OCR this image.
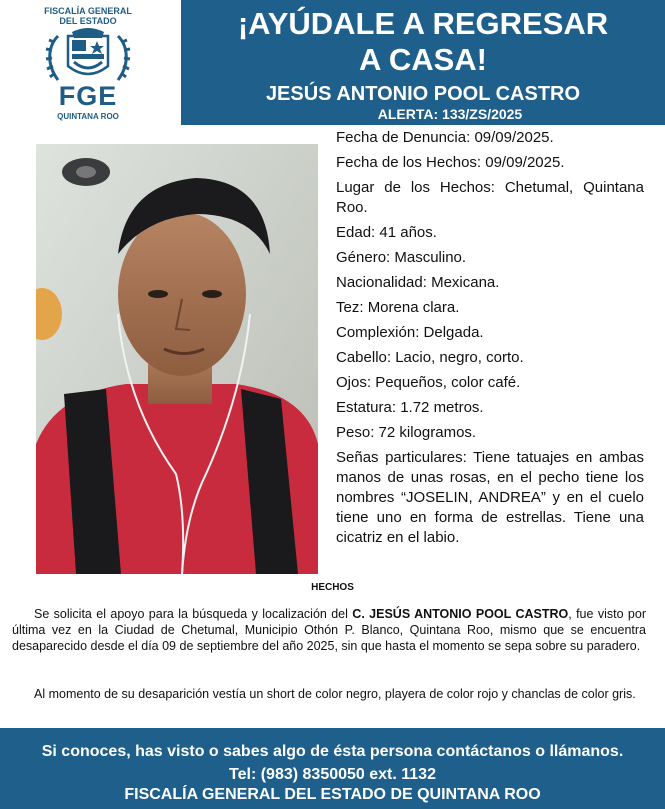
FISCALÍA GENERAL
DEL ESTADO
FGE
QUINTANA ROO
¡AYÚDALE A REGRESAR
A CASA!
JESÚS ANTONIO POOL CASTRO
ALERTA: 133/ZS/2025

Fecha de Denuncia: 09/09/2025.

Fecha de los Hechos: 09/09/2025.

Lugar de los Hechos: Chetumal, Quintana Roo.

Edad: 41 años.

Género: Masculino.

Nacionalidad: Mexicana.

Tez: Morena clara.

Complexión: Delgada.

Cabello: Lacio, negro, corto.

Ojos: Pequeños, color café.

Estatura: 1.72 metros.

Peso: 72 kilogramos.

Señas particulares: Tiene tatuajes en ambas manos de unas rosas, en el pecho tiene los nombres “JOSELIN, ANDREA” y en el cuelo tiene uno en forma de estrellas. Tiene una cicatriz en el labio.

HECHOS

Se solicita el apoyo para la búsqueda y localización del C. JESÚS ANTONIO POOL CASTRO, fue visto por última vez en la Ciudad de Chetumal, Municipio Othón P. Blanco, Quintana Roo, mismo que se encuentra desaparecido desde el día 09 de septiembre del año 2025, sin que hasta el momento se sepa sobre su paradero.

Al momento de su desaparición vestía un short de color negro, playera de color rojo y chanclas de color gris.

Si conoces, has visto o sabes algo de ésta persona contáctanos o llámanos.
Tel: (983) 8350050 ext. 1132
FISCALÍA GENERAL DEL ESTADO DE QUINTANA ROO
